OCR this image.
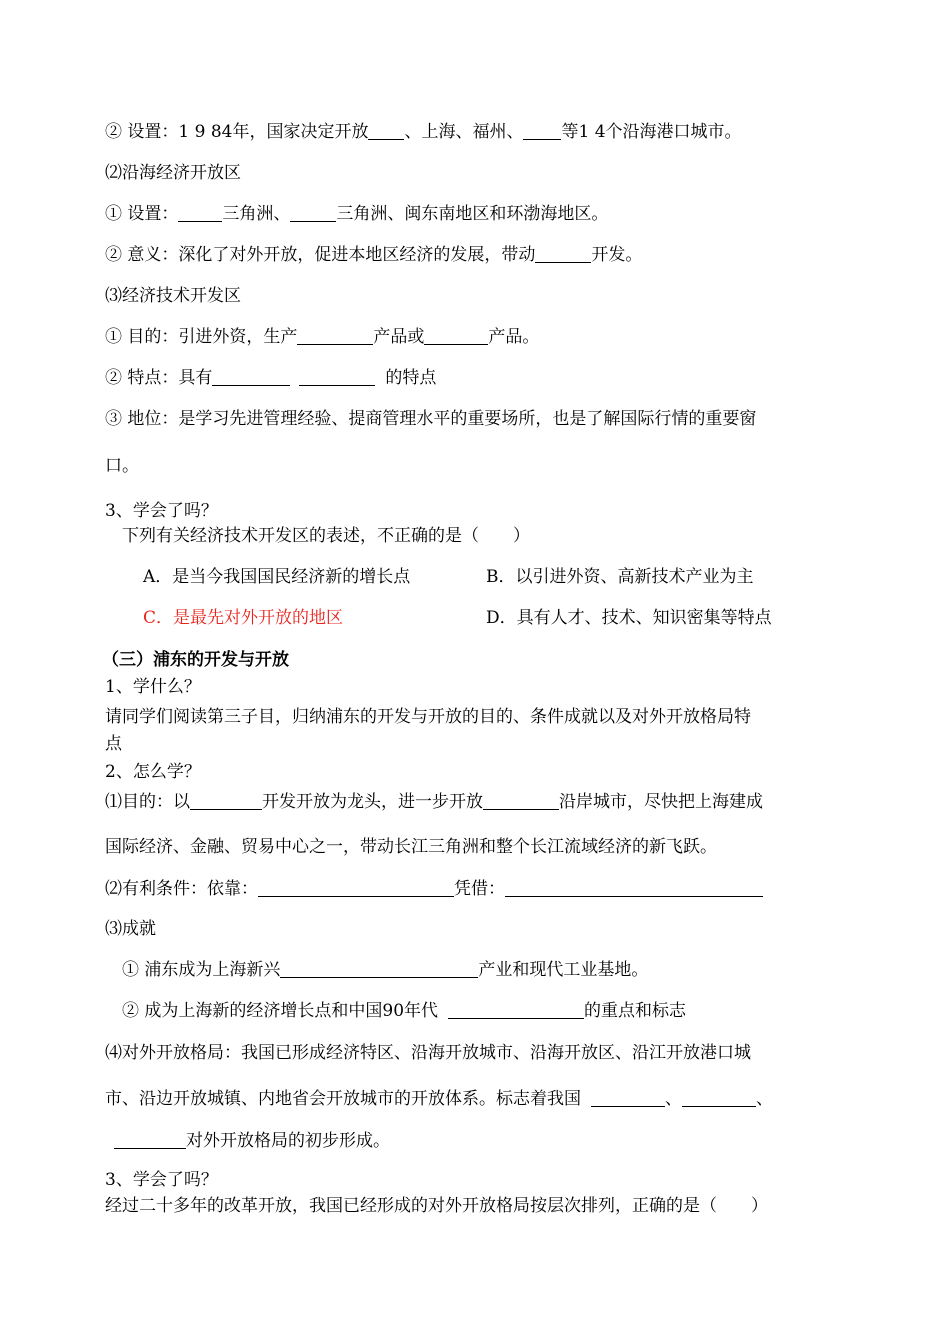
② 设置：1 9 84年，国家决定开放 、上海、福州、 等1 4个沿海港口城市。
⑵沿海经济开放区
① 设置：	三角洲、	三角洲、闽东南地区和环渤海地区。
② 意义：深化了对外开放，促进本地区经济的发展，带动	开发。
⑶经济技术开发区
① 目的：引进外资，生产	产品或	产品。
② 特点：具有	的特点
③ 地位：是学习先进管理经验、提商管理水平的重要场所，也是了解国际行情的重要窗
口。
3、学会了吗？
下列有关经济技术开发区的表述，不正确的是（　　）
A．是当今我国国民经济新的增长点	B．以引进外资、高新技术产业为主
C．是最先对外开放的地区	D．具有人才、技术、知识密集等特点
（三）浦东的开发与开放
1、学什么？
请同学们阅读第三子目，归纳浦东的开发与开放的目的、条件成就以及对外开放格局特
点
2、怎么学？
⑴目的：以	开发开放为龙头，进一步开放	沿岸城市，尽快把上海建成
国际经济、金融、贸易中心之一，带动长江三角洲和整个长江流域经济的新飞跃。
⑵有利条件：依靠：	凭借：
⑶成就
① 浦东成为上海新兴	产业和现代工业基地。
② 成为上海新的经济增长点和中国90年代	的重点和标志
⑷对外开放格局：我国已形成经济特区、沿海开放城市、沿海开放区、沿江开放港口城
市、沿边开放城镇、内地省会开放城市的开放体系。标志着我国	、	、
对外开放格局的初步形成。
3、学会了吗？
经过二十多年的改革开放，我国已经形成的对外开放格局按层次排列，正确的是（　　）
